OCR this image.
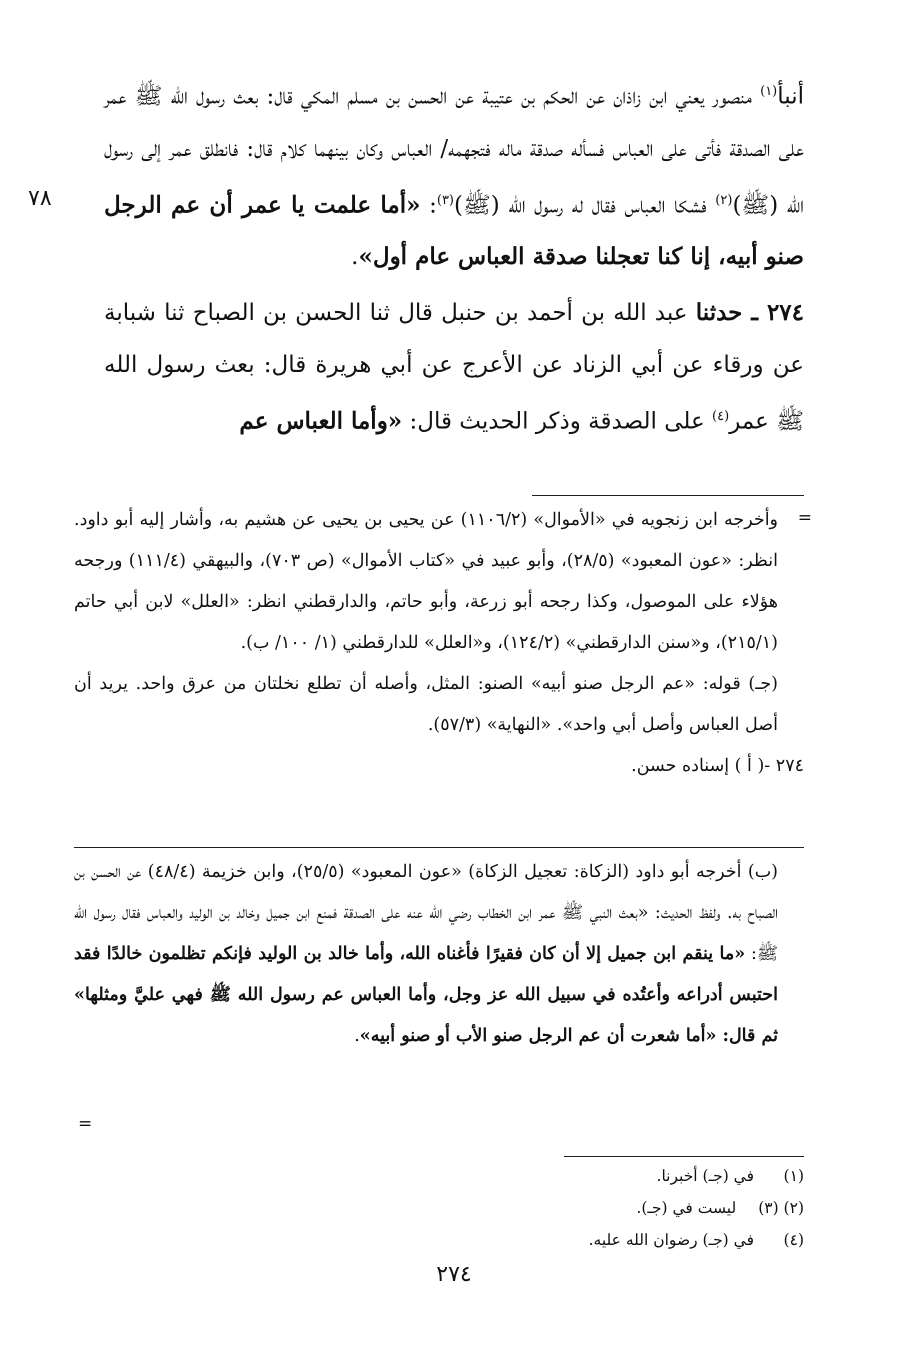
أنبأ$^{(١)}$ منصور يعني ابن زاذان عن الحكم بن عتيبة عن الحسن بن مسلم المكي قال: بعث رسول الله ﷺ عمر على الصدقة فأتى على العباس فسأله صدقة ماله فتجهمه/ العباس وكان بينهما كلام قال: فانطلق عمر إلى رسول الله (ﷺ)$^{(٢)}$ فشكا العباس فقال له رسول الله (ﷺ)$^{(٣)}$: «أما علمت يا عمر أن عم الرجل صنو أبيه، إنا كنا تعجلنا صدقة العباس عام أول».

٢٧٤ ـ حدثنا عبد الله بن أحمد بن حنبل قال ثنا الحسن بن الصباح ثنا شبابة عن ورقاء عن أبي الزناد عن الأعرج عن أبي هريرة قال: بعث رسول الله ﷺ عمر$^{(٤)}$ على الصدقة وذكر الحديث قال: «وأما العباس عم

٧٨
=

وأخرجه ابن زنجويه في «الأموال» (١١٠٦/٢) عن يحيى بن يحيى عن هشيم به، وأشار إليه أبو داود. انظر: «عون المعبود» (٢٨/٥)، وأبو عبيد في «كتاب الأموال» (ص ٧٠٣)، والبيهقي (١١١/٤) ورجحه هؤلاء على الموصول، وكذا رجحه أبو زرعة، وأبو حاتم، والدارقطني انظر: «العلل» لابن أبي حاتم (٢١٥/١)، و«سنن الدارقطني» (١٢٤/٢)، و«العلل» للدارقطني (١/ ١٠٠/ ب).

(جـ) قوله: «عم الرجل صنو أبيه» الصنو: المثل، وأصله أن تطلع نخلتان من عرق واحد. يريد أن أصل العباس وأصل أبي واحد». «النهاية» (٥٧/٣).

٢٧٤ -( أ ) إسناده حسن.

(ب) أخرجه أبو داود (الزكاة: تعجيل الزكاة) «عون المعبود» (٢٥/٥)، وابن خزيمة (٤٨/٤) عن الحسن بن الصباح به. ولفظ الحديث: «بعث النبي ﷺ عمر ابن الخطاب رضي الله عنه على الصدقة فمنع ابن جميل وخالد بن الوليد والعباس فقال رسول الله ﷺ: «ما ينقم ابن جميل إلا أن كان فقيرًا فأغناه الله، وأما خالد بن الوليد فإنكم تظلمون خالدًا فقد احتبس أدراعه وأعتُده في سبيل الله عز وجل، وأما العباس عم رسول الله ﷺ فهي عليَّ ومثلها» ثم قال: «أما شعرت أن عم الرجل صنو الأب أو صنو أبيه».

=
(١)
في (جـ) أخبرنا.
(٢) (٣)
ليست في (جـ).
(٤)
في (جـ) رضوان الله عليه.
٢٧٤
